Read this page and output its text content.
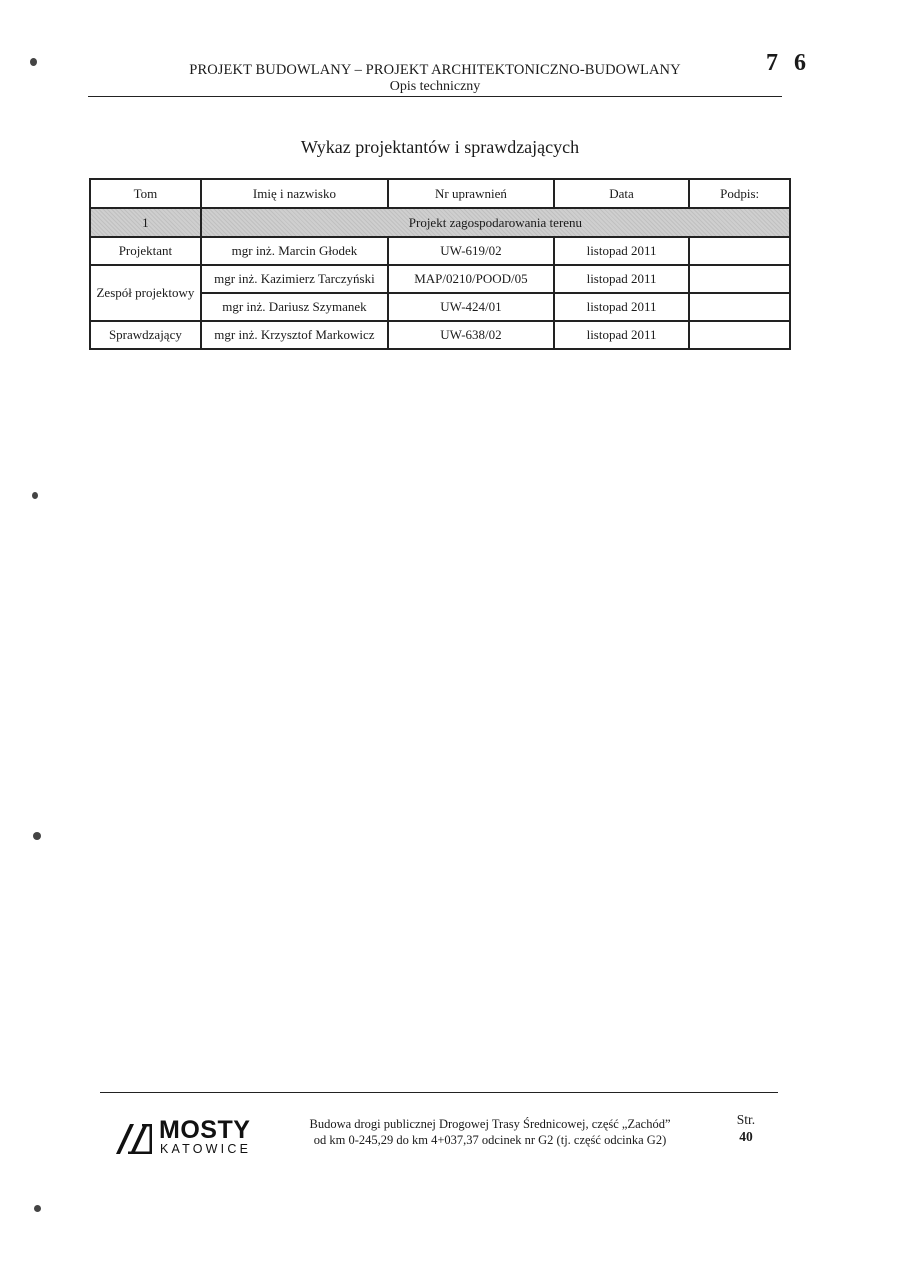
PROJEKT BUDOWLANY – PROJEKT ARCHITEKTONICZNO-BUDOWLANY
Opis techniczny
7 6
Wykaz projektantów i sprawdzających
Tom	Imię i nazwisko	Nr uprawnień	Data	Podpis:
1	Projekt zagospodarowania terenu			
Projektant	mgr inż. Marcin Głodek	UW-619/02	listopad 2011	
Zespół projektowy	mgr inż. Kazimierz Tarczyński	MAP/0210/POOD/05	listopad 2011	
	mgr inż. Dariusz Szymanek	UW-424/01	listopad 2011	
Sprawdzający	mgr inż. Krzysztof Markowicz	UW-638/02	listopad 2011	
MOSTY
KATOWICE
Budowa drogi publicznej Drogowej Trasy Średnicowej, część „Zachód”
od km 0-245,29 do km 4+037,37 odcinek nr G2 (tj. część odcinka G2)
Str.
40
